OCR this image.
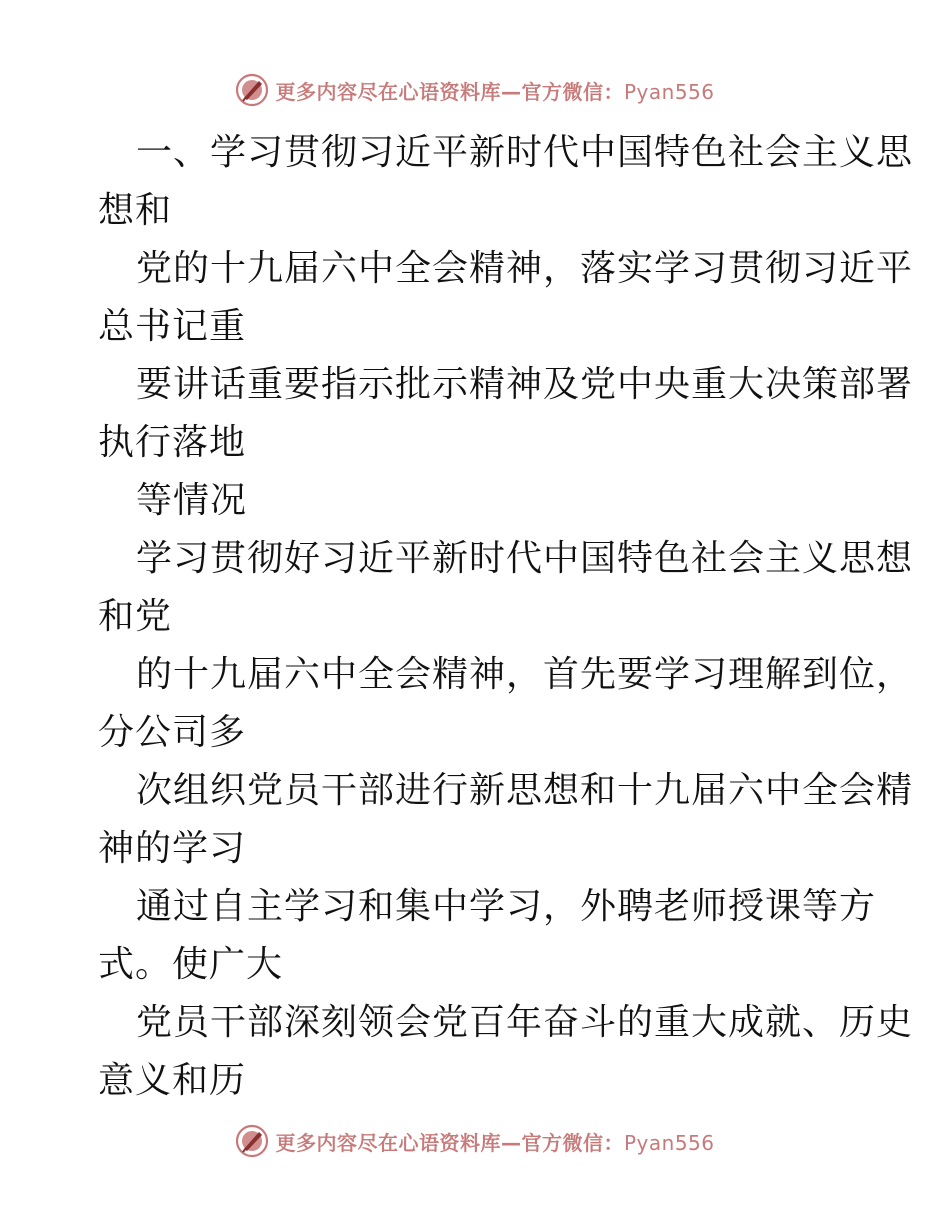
更多内容尽在心语资料库—官方微信：Pyan556
一、学习贯彻习近平新时代中国特色社会主义思
想和
党的十九届六中全会精神，落实学习贯彻习近平
总书记重
要讲话重要指示批示精神及党中央重大决策部署
执行落地
等情况
学习贯彻好习近平新时代中国特色社会主义思想
和党
的十九届六中全会精神，首先要学习理解到位，
分公司多
次组织党员干部进行新思想和十九届六中全会精
神的学习
通过自主学习和集中学习，外聘老师授课等方
式。使广大
党员干部深刻领会党百年奋斗的重大成就、历史
意义和历
更多内容尽在心语资料库—官方微信：Pyan556
